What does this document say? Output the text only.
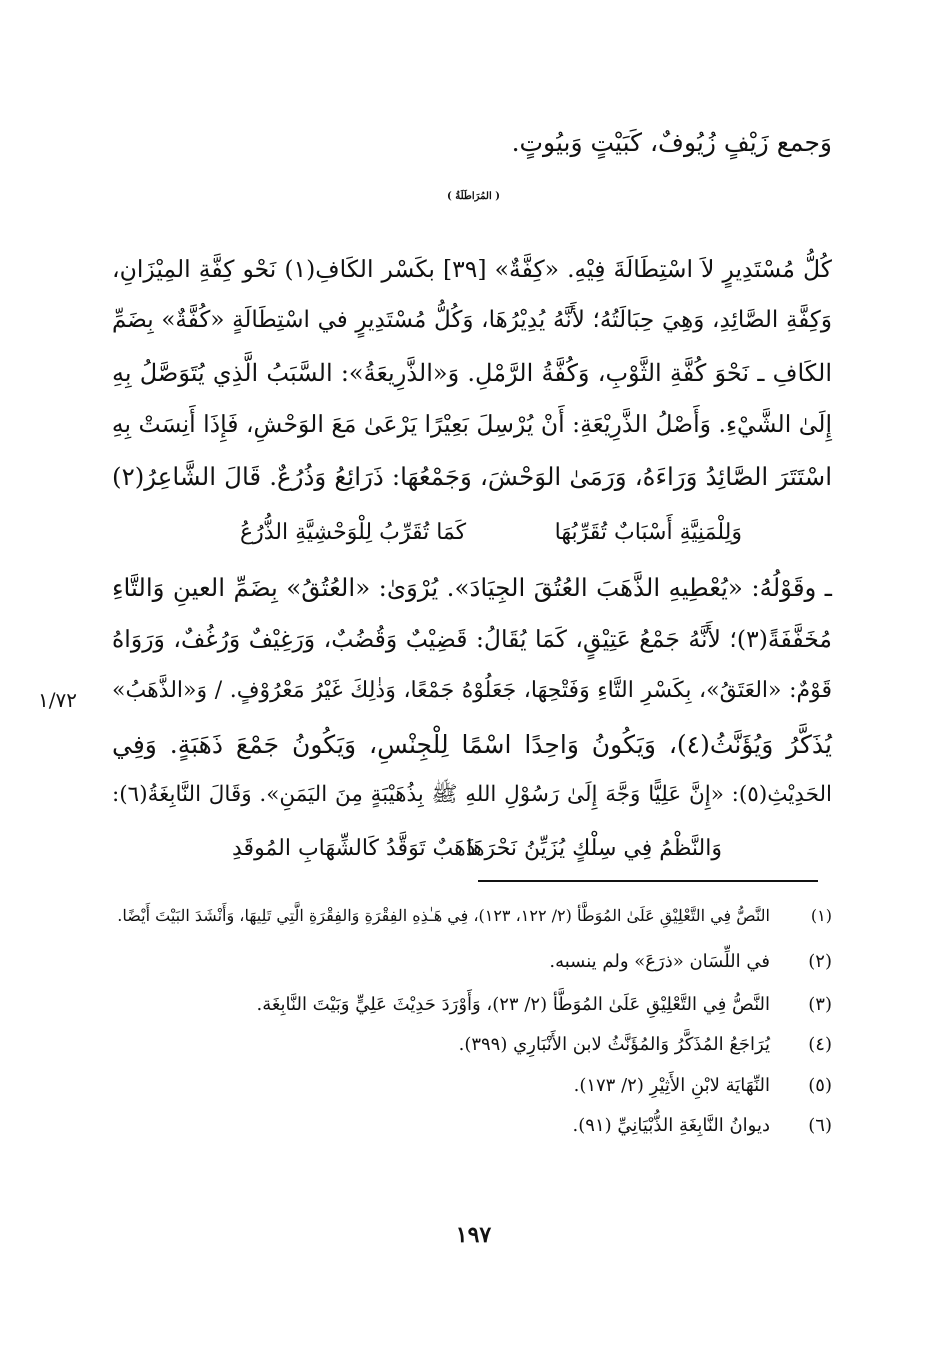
وَجمع زَيْفٍ زُيُوفٌ، كَبَيْتٍ وَبيُوتٍ.
( المُرَاطَلَةُ )
كُلُّ مُسْتَدِيرٍ لاَ اسْتِطَالَةَ فِيْهِ. «كِفَّةٌ» [٣٩] بكَسْر الكَافِ(١) نَحْو كِفَّةِ المِيْزَانِ،
وَكِفَّةِ الصَّائِدِ، وَهِيَ حِبَالَتُهُ؛ لأَنَّهُ يُدِيْرُهَا، وَكُلُّ مُسْتَدِيرٍ في اسْتِطَالَةٍ «كُفَّةٌ» بِضَمِّ
الكَافِ ـ نَحْوَ كُفَّةِ الثَّوْبِ، وَكُفَّةُ الرَّمْلِ. وَ«الذَّرِيعَةُ»: السَّبَبُ الَّذِي يُتَوَصَّلُ بِهِ
إِلَىٰ الشَّيْءِ. وَأَصْلُ الذَّرِيْعَةِ: أَنْ يُرْسِلَ بَعِيْرًا يَرْعَىٰ مَعَ الوَحْشِ، فَإِذَا أَنِسَتْ بِهِ
اسْتَتَرَ الصَّائِدُ وَرَاءَهُ، وَرَمَىٰ الوَحْشَ، وَجَمْعُهَا: ذَرَائِعُ وَذُرُعٌ. قَالَ الشَّاعِرُ(٢)
وَلِلْمَنِيَّةِ أَسْبَابٌ تُقَرِّبُهَا
كَمَا تُقَرِّبُ لِلْوَحْشِيَّةِ الذُّرُعُ
ـ وقَوْلُهُ: «يُعْطِيهِ الذَّهَبَ العُتُقَ الجِيَادَ». يُرْوَىٰ: «العُتُقُ» بِضَمِّ العينِ وَالتَّاءِ
مُخَفَّفَةً(٣)؛ لأَنَّهُ جَمْعُ عَتِيْقٍ، كَمَا يُقَالُ: قَضِيْبٌ وَقُضُبٌ، وَرَغِيْفٌ وَرُغُفٌ، وَرَوَاهُ
قَوْمٌ: «العَتَقُ»، بِكَسْرِ التَّاءِ وَفَتْحِهَا، جَعَلُوْهُ جَمْعًا، وَذٰلِكَ غَيْرُ مَعْرُوْفٍ. / وَ«الذَّهَبُ»
يُذَكَّرُ وَيُؤَنَّثُ(٤)، وَيَكُونُ وَاحِدًا اسْمًا لِلْجِنْسِ، وَيَكُونُ جَمْعَ ذَهَبَةٍ. وَفِي
الحَدِيْثِ(٥): «إِنَّ عَلِيًّا وَجَّهَ إِلَىٰ رَسُوْلِ اللهِ ﷺ بِذُهَيْبَةٍ مِنَ اليَمَنِ». وَقَالَ النَّابِغَةُ(٦):
١/٧٢
وَالنَّظْمُ فِي سِلْكٍ يُزَيِّنُ نَحْرَهَا
ذَهَبٌ تَوَقَّدُ كَالشِّهَابِ المُوقَدِ
(١)
النَّصُّ فِي التَّعْلِيْقِ عَلَىٰ المُوَطَّأ (٢/ ١٢٢، ١٢٣)، فِي هَـٰذِهِ الفِقْرَةِ وَالفِقْرَةِ الَّتِي تَلِيهَا، وَأَنْشَدَ البَيْتَ أَيْضًا.
(٢)
في اللِّسَان «ذرَعَ» ولم ينسبه.
(٣)
النَّصُّ فِي التَّعْلِيْقِ عَلَىٰ المُوَطَّأ (٢/ ٢٣)، وَأَوْرَدَ حَدِيْثَ عَلِيٍّ وَبَيْتَ النَّابِغَة.
(٤)
يُرَاجَعُ المُذَكَّرُ وَالمُؤَنَّثُ لابن الأَنْبَارِي (٣٩٩).
(٥)
النِّهَايَة لابْنِ الأَثِيْرِ (٢/ ١٧٣).
(٦)
ديوانُ النَّابِغَةِ الذُّبْيَانِيِّ (٩١).
١٩٧
